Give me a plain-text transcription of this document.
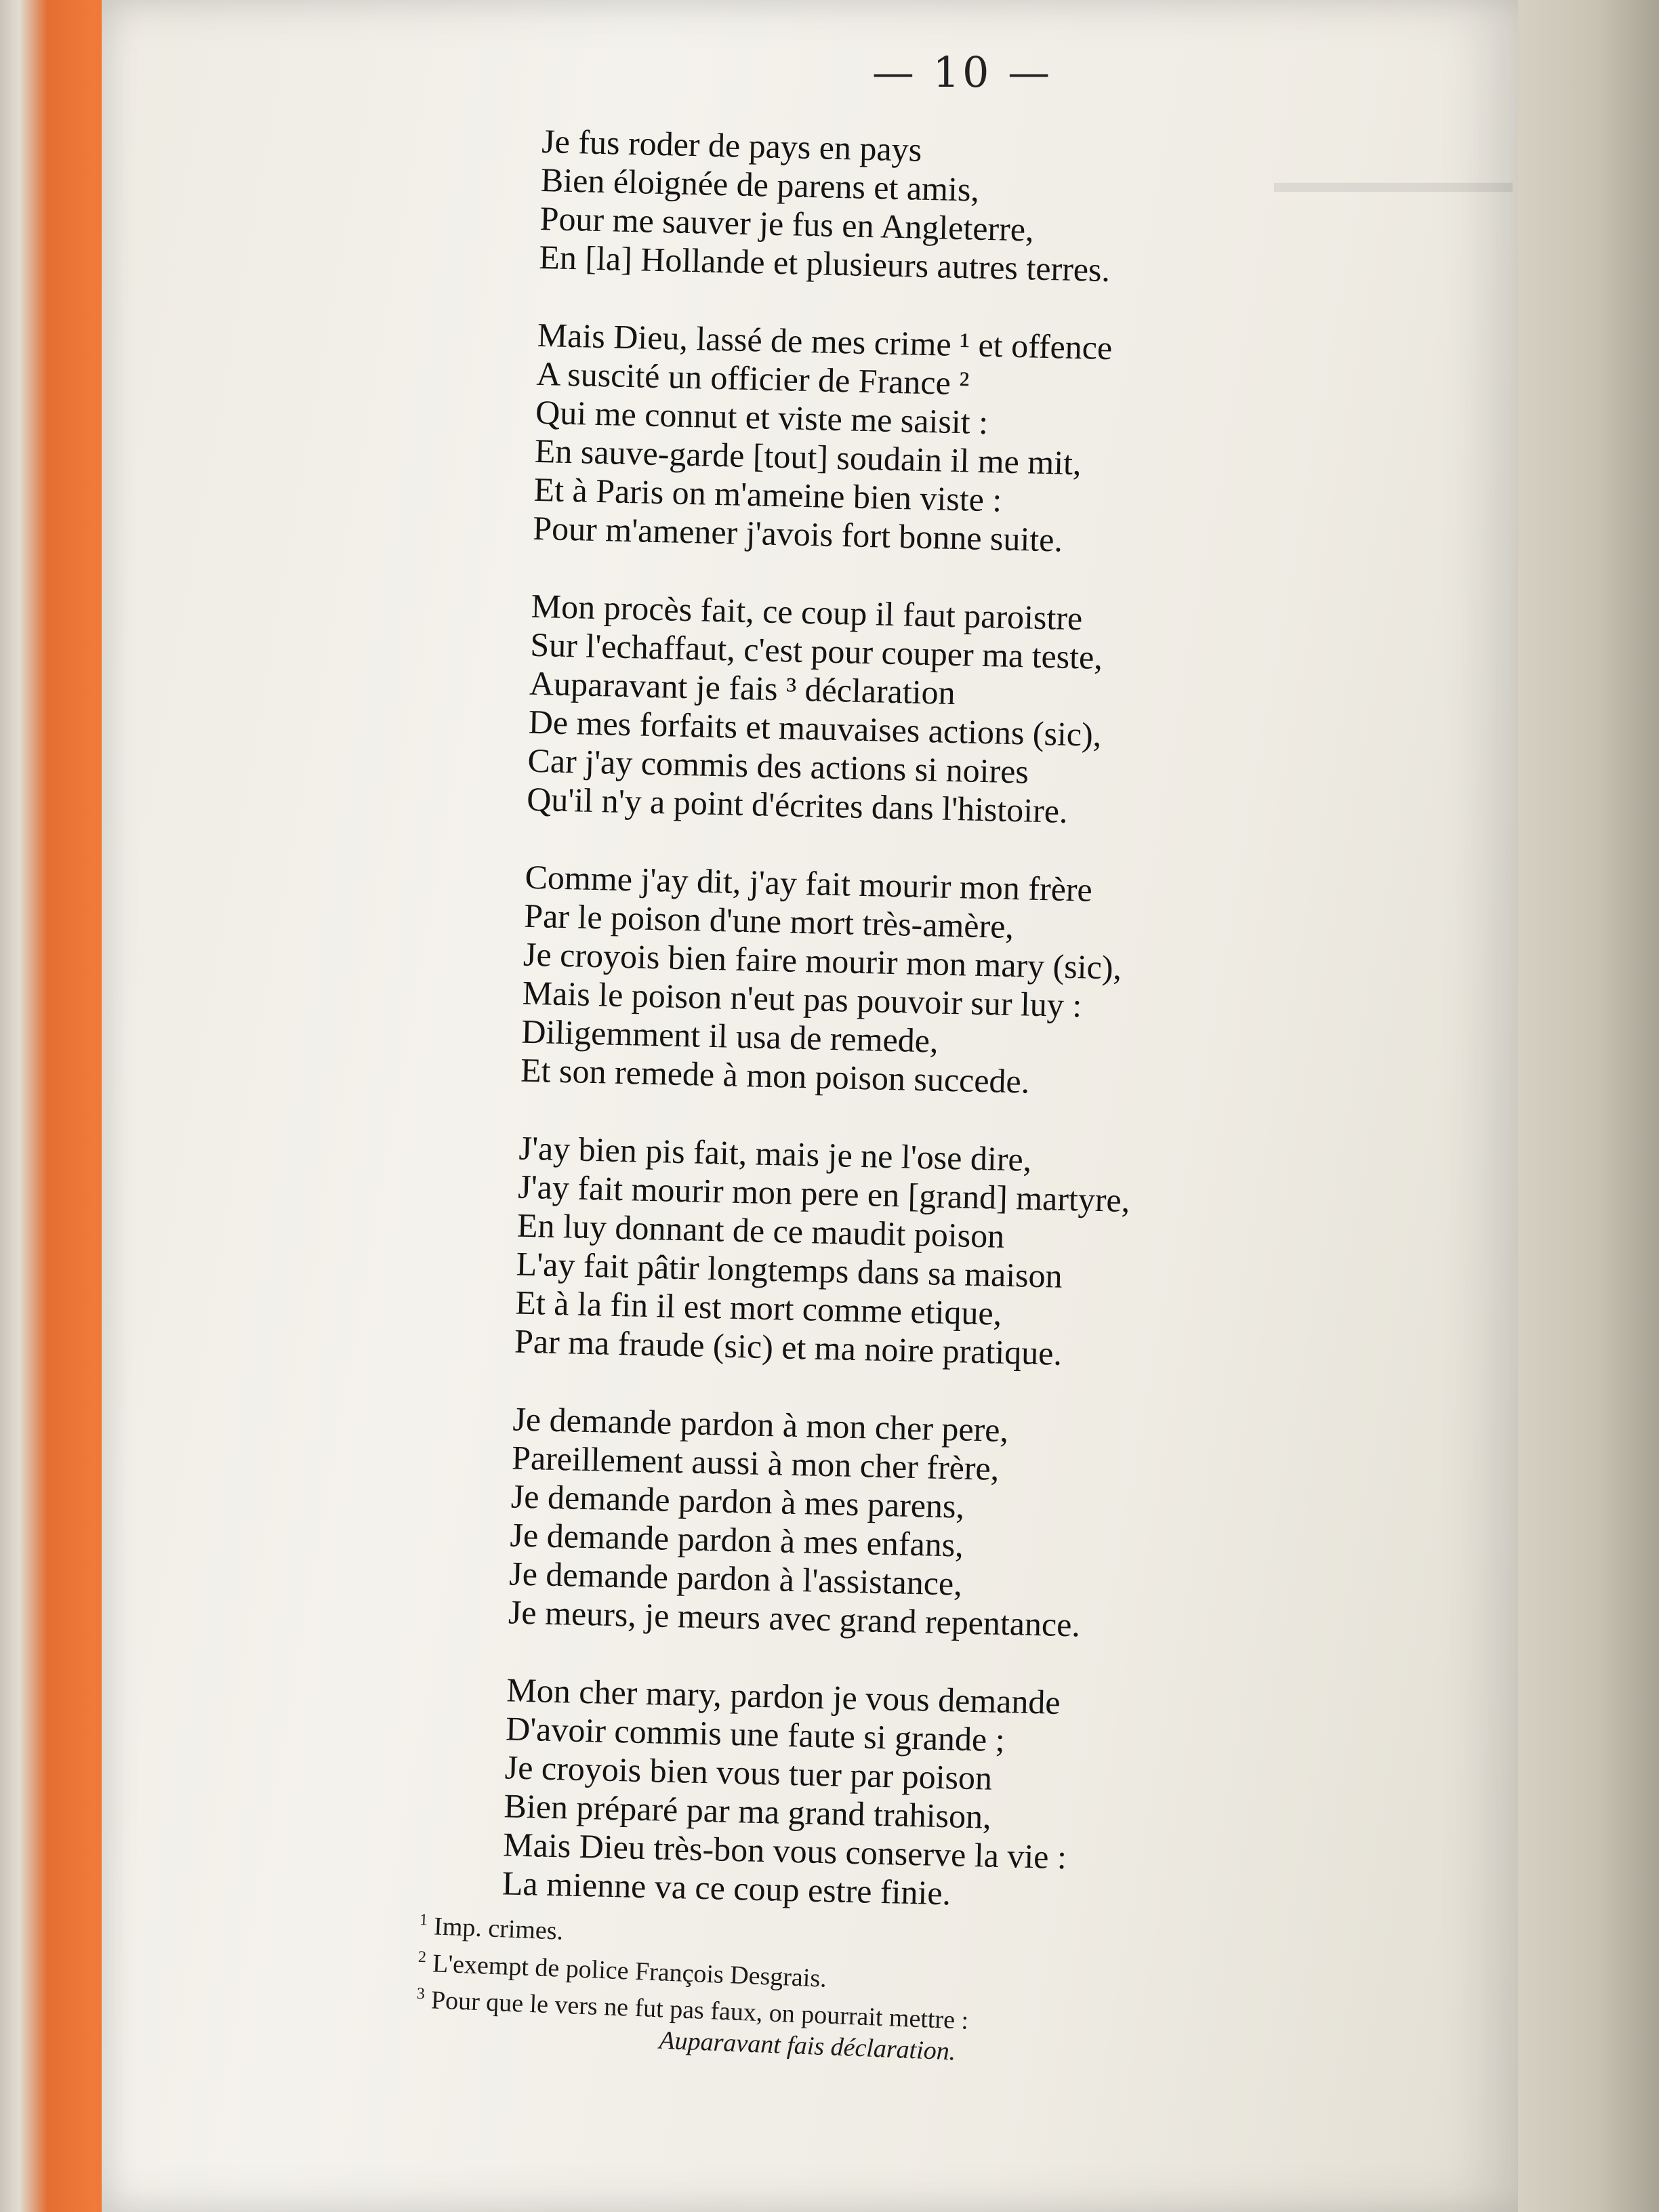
▬▬▬▬▬▬▬▬
— 10 —
Je fus roder de pays en pays
Bien éloignée de parens et amis,
Pour me sauver je fus en Angleterre,
En [la] Hollande et plusieurs autres terres.
Mais Dieu, lassé de mes crime ¹ et offence
A suscité un officier de France ²
Qui me connut et viste me saisit :
En sauve-garde [tout] soudain il me mit,
Et à Paris on m'ameine bien viste :
Pour m'amener j'avois fort bonne suite.
Mon procès fait, ce coup il faut paroistre
Sur l'echaffaut, c'est pour couper ma teste,
Auparavant je fais ³ déclaration
De mes forfaits et mauvaises actions (sic),
Car j'ay commis des actions si noires
Qu'il n'y a point d'écrites dans l'histoire.
Comme j'ay dit, j'ay fait mourir mon frère
Par le poison d'une mort très-amère,
Je croyois bien faire mourir mon mary (sic),
Mais le poison n'eut pas pouvoir sur luy :
Diligemment il usa de remede,
Et son remede à mon poison succede.
J'ay bien pis fait, mais je ne l'ose dire,
J'ay fait mourir mon pere en [grand] martyre,
En luy donnant de ce maudit poison
L'ay fait pâtir longtemps dans sa maison
Et à la fin il est mort comme etique,
Par ma fraude (sic) et ma noire pratique.
Je demande pardon à mon cher pere,
Pareillement aussi à mon cher frère,
Je demande pardon à mes parens,
Je demande pardon à mes enfans,
Je demande pardon à l'assistance,
Je meurs, je meurs avec grand repentance.
Mon cher mary, pardon je vous demande
D'avoir commis une faute si grande ;
Je croyois bien vous tuer par poison
Bien préparé par ma grand trahison,
Mais Dieu très-bon vous conserve la vie :
La mienne va ce coup estre finie.
$^1$ Imp. crimes.
$^2$ L'exempt de police François Desgrais.
$^3$ Pour que le vers ne fut pas faux, on pourrait mettre :
Auparavant fais déclaration.
